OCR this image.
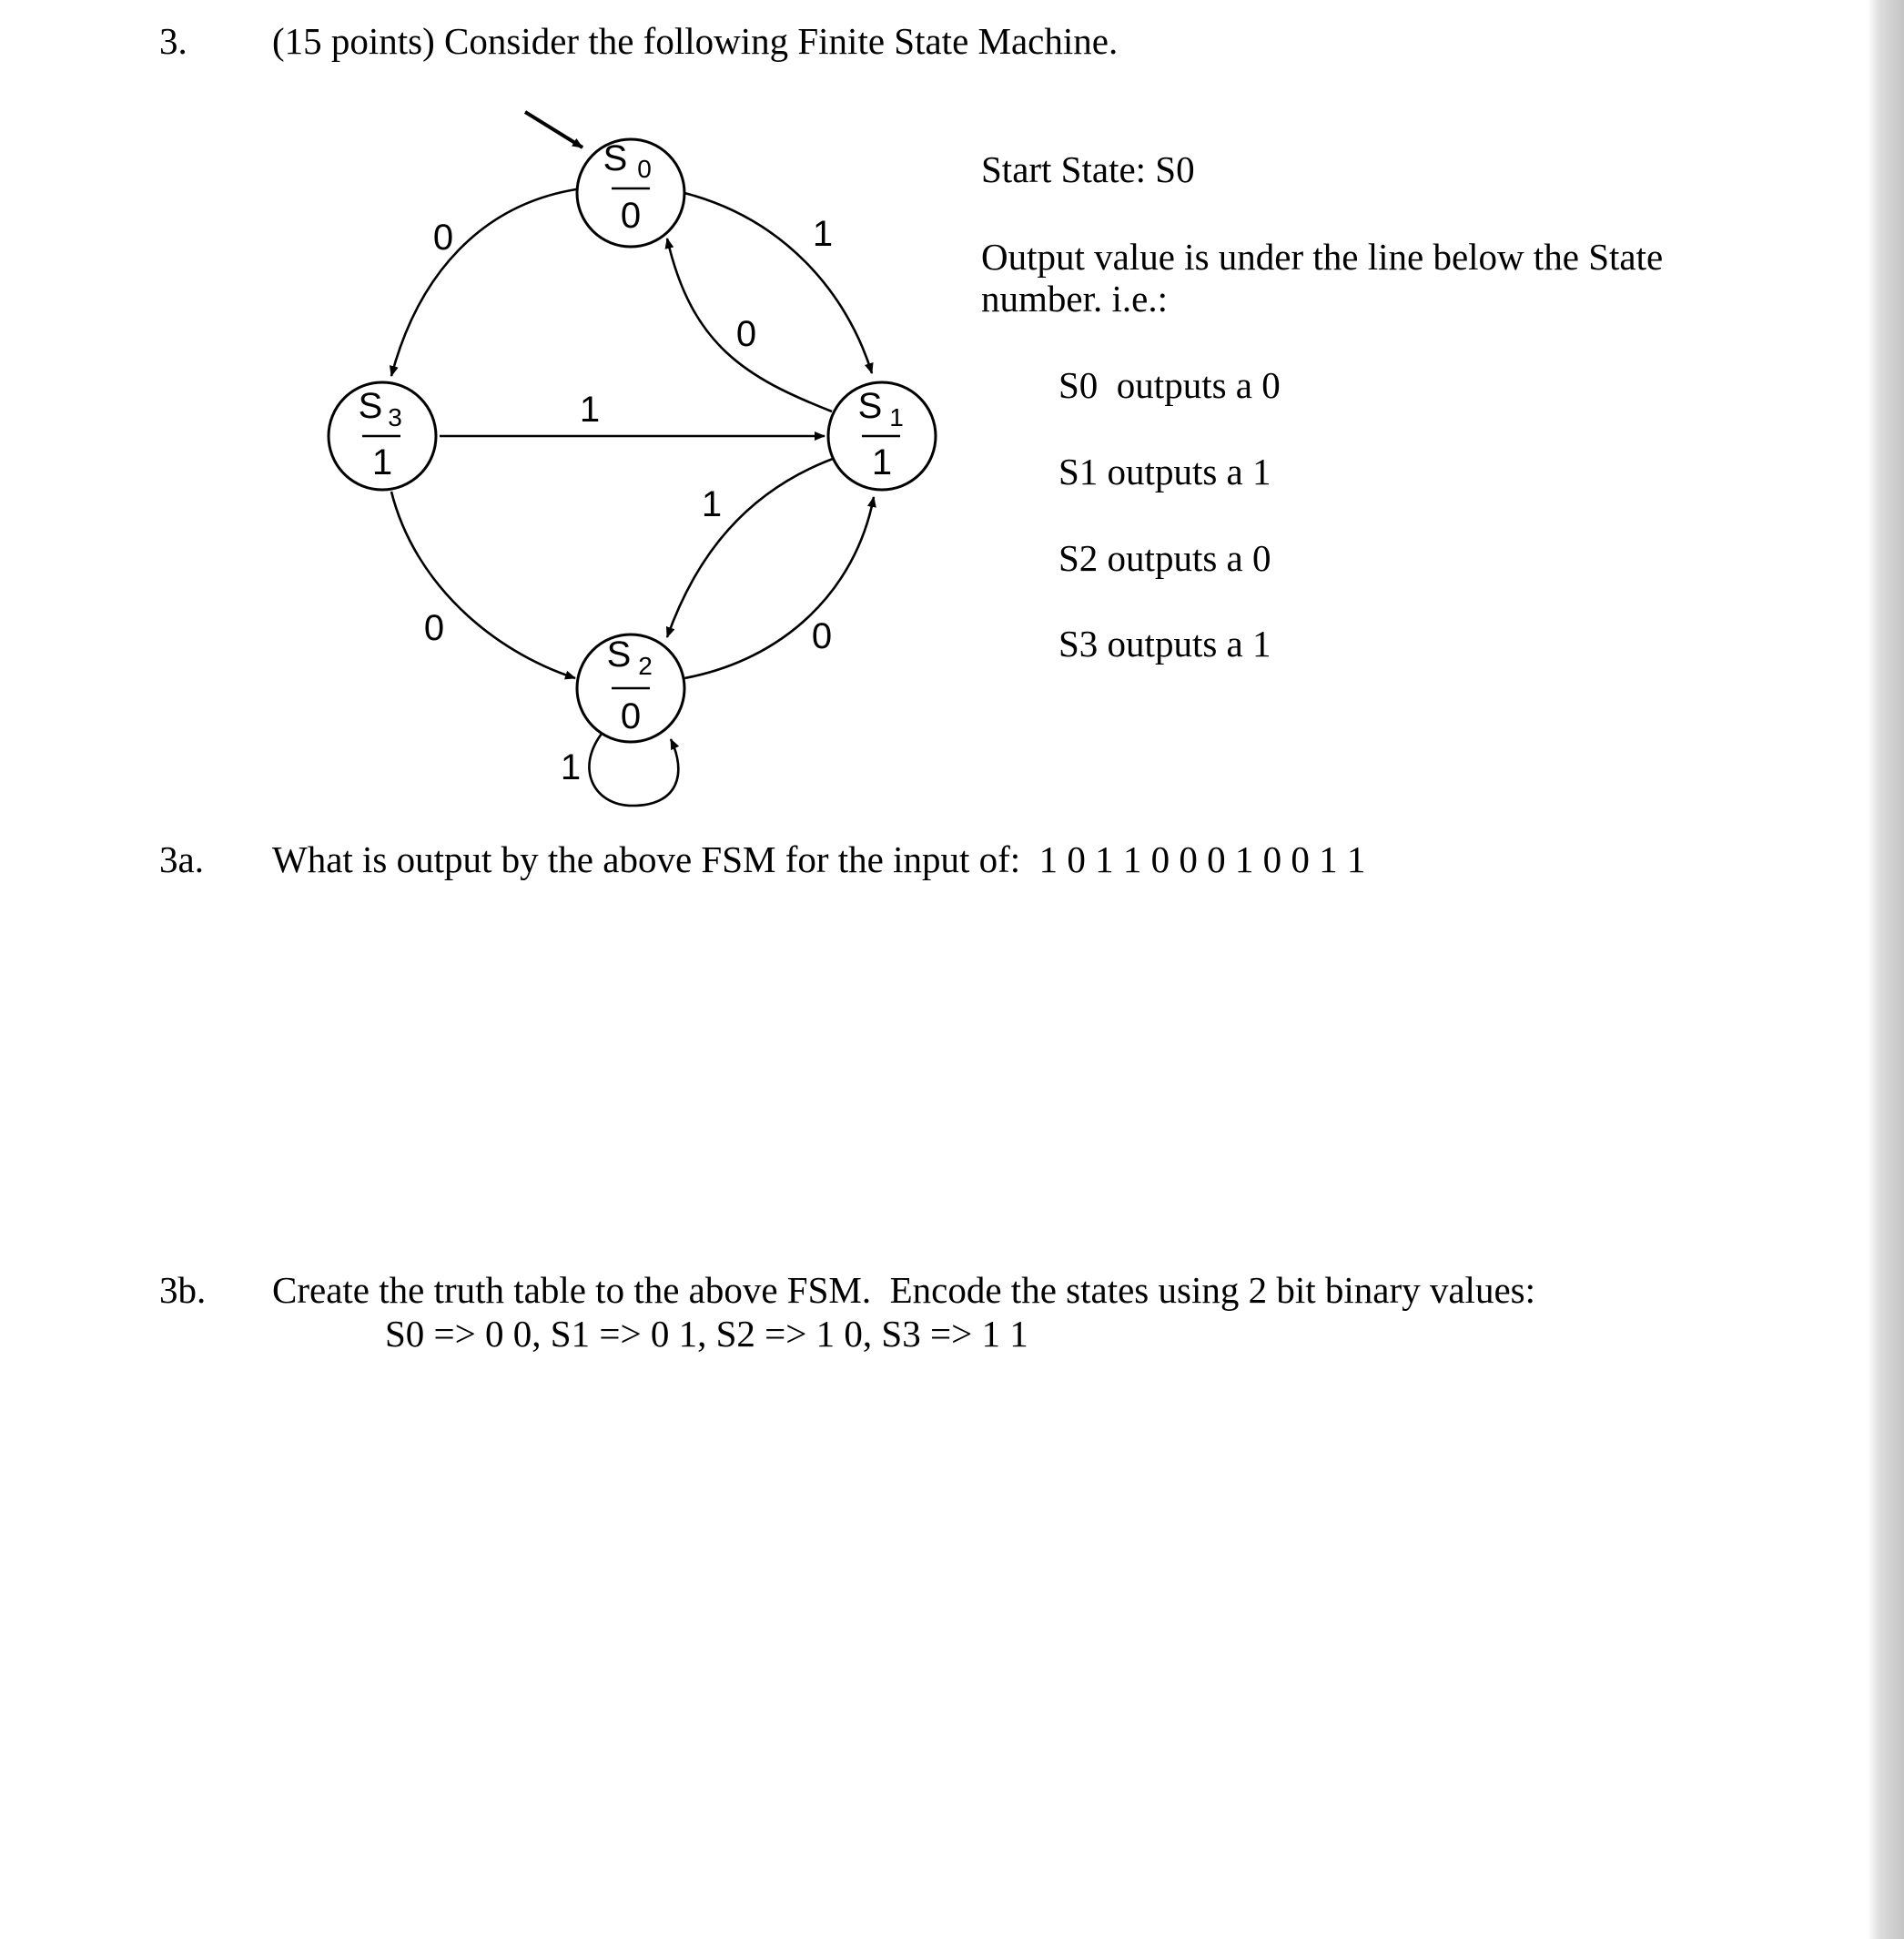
3. (15 points) Consider the following Finite State Machine.
0	1
0
1
0
1
1
0
S 0
0
S 1
1
S 2
0
S 3
1
Start State: S0
Output value is under the line below the State
number. i.e.:
S0  outputs a 0
S1 outputs a 1
S2 outputs a 0
S3 outputs a 1
3a. What is output by the above FSM for the input of:  1 0 1 1 0 0 0 1 0 0 1 1
3b. Create the truth table to the above FSM.  Encode the states using 2 bit binary values:
S0 => 0 0, S1 => 0 1, S2 => 1 0, S3 => 1 1
